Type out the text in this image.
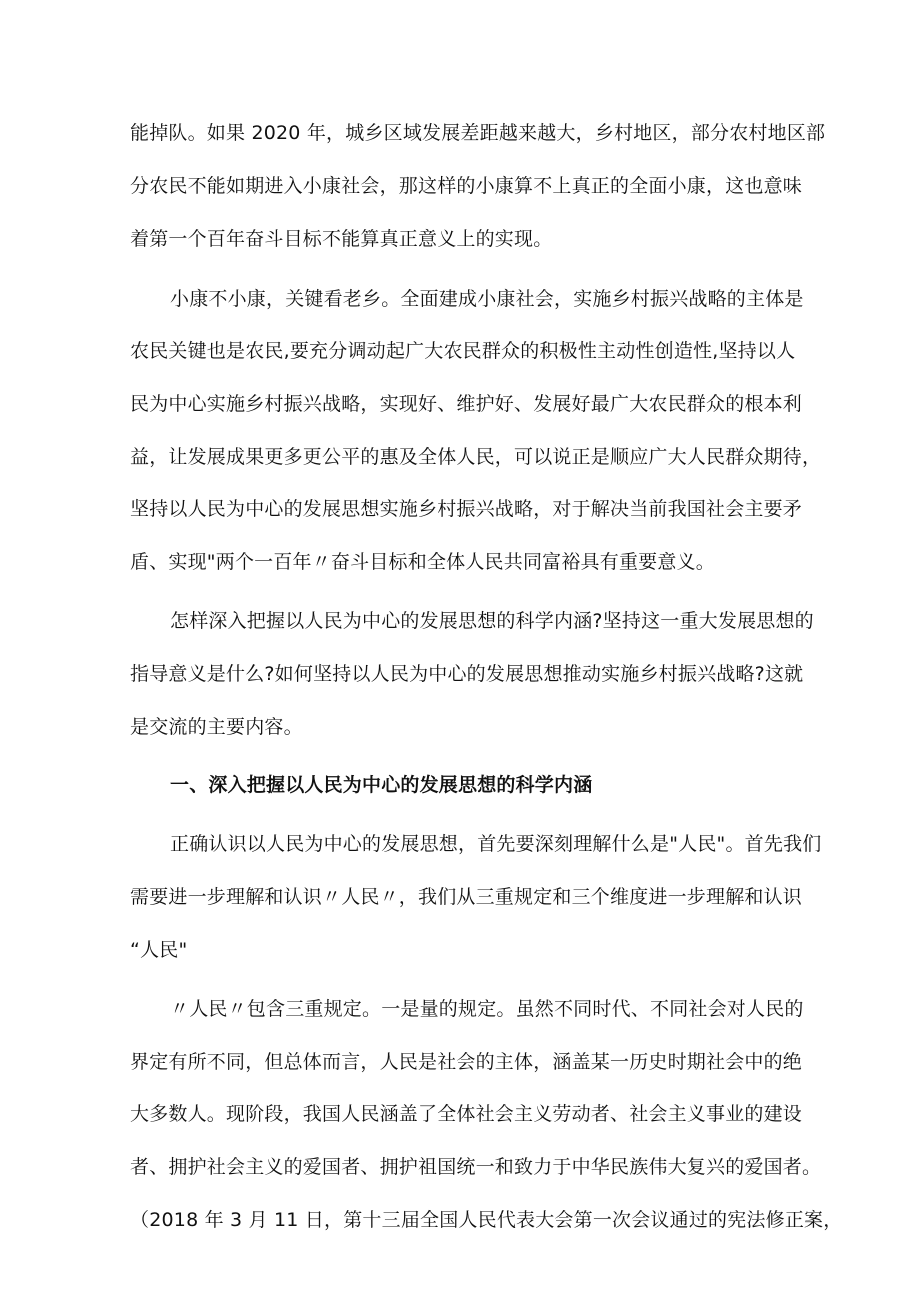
能掉队。如果 2020 年，城乡区域发展差距越来越大，乡村地区，部分农村地区部
分农民不能如期进入小康社会，那这样的小康算不上真正的全面小康，这也意味
着第一个百年奋斗目标不能算真正意义上的实现。
小康不小康，关键看老乡。全面建成小康社会，实施乡村振兴战略的主体是
农民关键也是农民,要充分调动起广大农民群众的积极性主动性创造性,坚持以人
民为中心实施乡村振兴战略，实现好、维护好、发展好最广大农民群众的根本利
益，让发展成果更多更公平的惠及全体人民，可以说正是顺应广大人民群众期待，
坚持以人民为中心的发展思想实施乡村振兴战略，对于解决当前我国社会主要矛
盾、实现"两个一百年〃奋斗目标和全体人民共同富裕具有重要意义。
怎样深入把握以人民为中心的发展思想的科学内涵?坚持这一重大发展思想的
指导意义是什么?如何坚持以人民为中心的发展思想推动实施乡村振兴战略?这就
是交流的主要内容。
一、深入把握以人民为中心的发展思想的科学内涵
正确认识以人民为中心的发展思想，首先要深刻理解什么是"人民"。首先我们
需要进一步理解和认识〃人民〃，我们从三重规定和三个维度进一步理解和认识
“人民"
〃人民〃包含三重规定。一是量的规定。虽然不同时代、不同社会对人民的
界定有所不同，但总体而言，人民是社会的主体，涵盖某一历史时期社会中的绝
大多数人。现阶段，我国人民涵盖了全体社会主义劳动者、社会主义事业的建设
者、拥护社会主义的爱国者、拥护祖国统一和致力于中华民族伟大复兴的爱国者。
（2018 年 3 月 11 日，第十三届全国人民代表大会第一次会议通过的宪法修正案，
